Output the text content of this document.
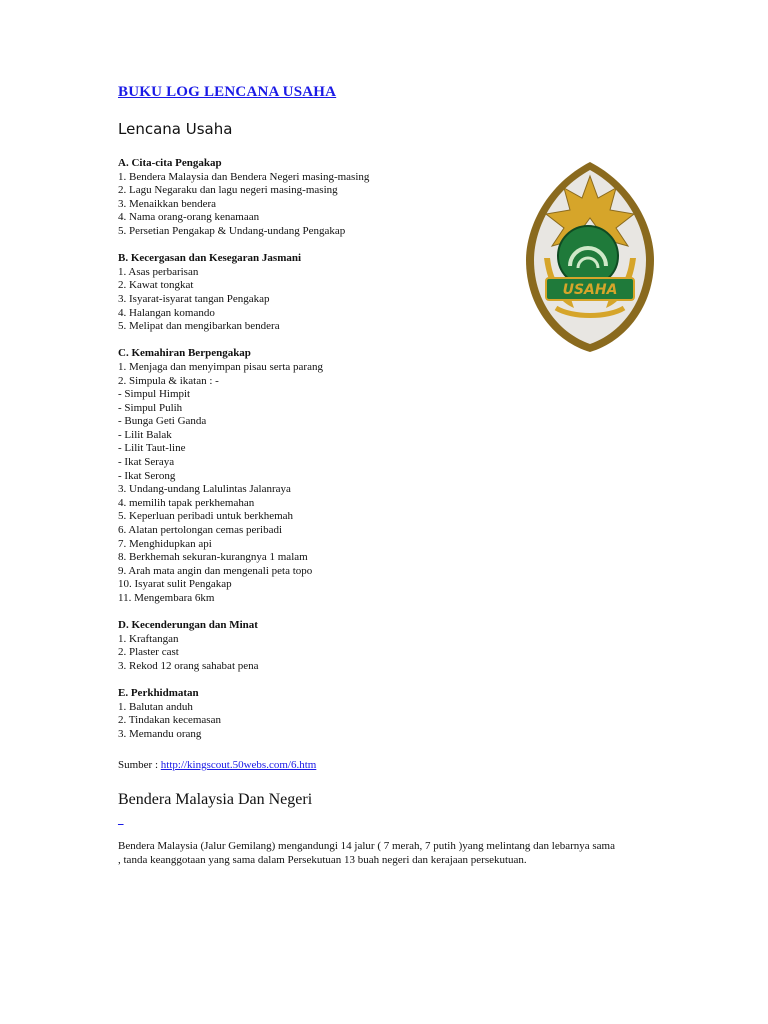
BUKU LOG LENCANA USAHA
Lencana Usaha
A. Cita-cita Pengakap
1. Bendera Malaysia dan Bendera Negeri masing-masing
2. Lagu Negaraku dan lagu negeri masing-masing
3. Menaikkan bendera
4. Nama orang-orang kenamaan
5. Persetian Pengakap & Undang-undang Pengakap
B. Kecergasan dan Kesegaran Jasmani
1. Asas perbarisan
2. Kawat tongkat
3. Isyarat-isyarat tangan Pengakap
4. Halangan komando
5. Melipat dan mengibarkan bendera
C. Kemahiran Berpengakap
1. Menjaga dan menyimpan pisau serta parang
2. Simpula & ikatan : -
- Simpul Himpit
- Simpul Pulih
- Bunga Geti Ganda
- Lilit Balak
- Lilit Taut-line
- Ikat Seraya
- Ikat Serong
3. Undang-undang Lalulintas Jalanraya
4. memilih tapak perkhemahan
5. Keperluan peribadi untuk berkhemah
6. Alatan pertolongan cemas peribadi
7. Menghidupkan api
8. Berkhemah sekuran-kurangnya 1 malam
9. Arah mata angin dan mengenali peta topo
10. Isyarat sulit Pengakap
11. Mengembara 6km
D. Kecenderungan dan Minat
1. Kraftangan
2. Plaster cast
3. Rekod 12 orang sahabat pena
E. Perkhidmatan
1. Balutan anduh
2. Tindakan kecemasan
3. Memandu orang
Sumber : http://kingscout.50webs.com/6.htm
Bendera Malaysia Dan Negeri
_
Bendera Malaysia (Jalur Gemilang) mengandungi 14 jalur ( 7 merah, 7 putih )yang melintang dan lebarnya sama
, tanda keanggotaan yang sama dalam Persekutuan 13 buah negeri dan kerajaan persekutuan.
USAHA
